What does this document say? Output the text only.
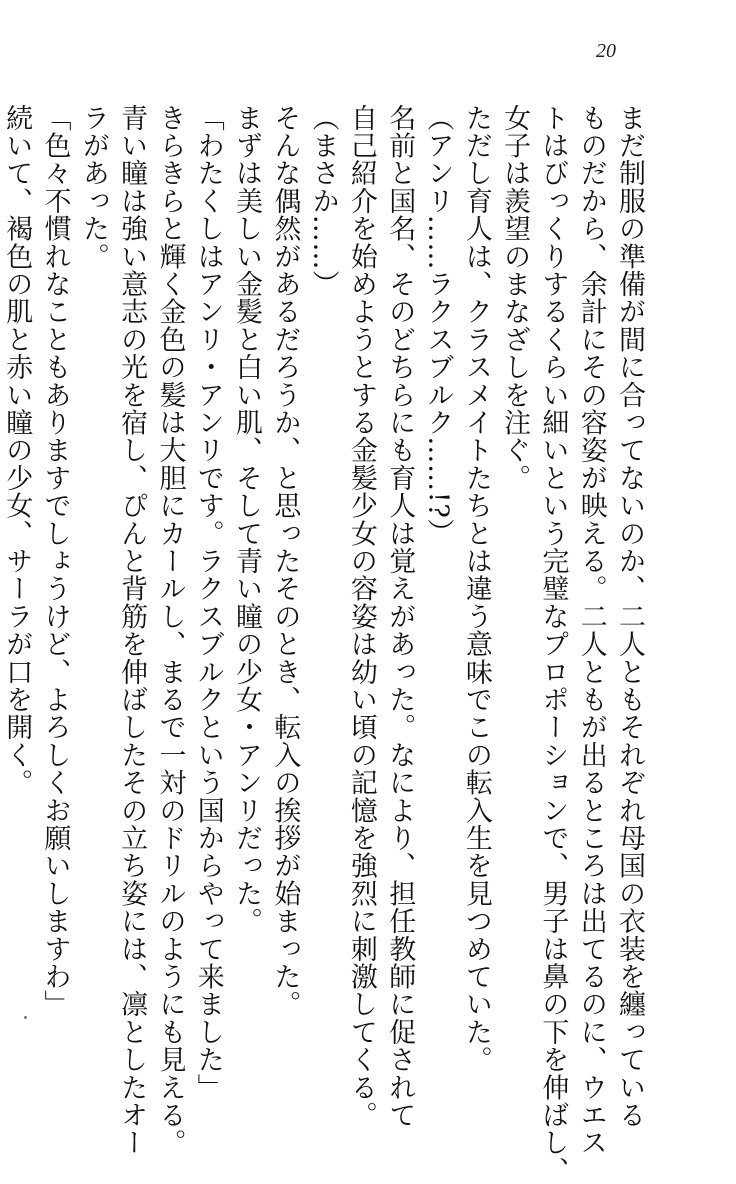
20
まだ制服の準備が間に合ってないのか、二人ともそれぞれ母国の衣装を纏っている
ものだから、余計にその容姿が映える。二人ともが出るところは出てるのに、ウエス
トはびっくりするくらい細いという完璧なプロポーションで、男子は鼻の下を伸ばし、
女子は羨望のまなざしを注ぐ。
ただし育人は、クラスメイトたちとは違う意味でこの転入生を見つめていた。
（アンリ……ラクスブルク……!?）
名前と国名、そのどちらにも育人は覚えがあった。なにより、担任教師に促されて
自己紹介を始めようとする金髪少女の容姿は幼い頃の記憶を強烈に刺激してくる。
（まさか……）
そんな偶然があるだろうか、と思ったそのとき、転入の挨拶が始まった。
まずは美しい金髪と白い肌、そして青い瞳の少女・アンリだった。
「わたくしはアンリ・アンリです。ラクスブルクという国からやって来ました」
きらきらと輝く金色の髪は大胆にカールし、まるで一対のドリルのようにも見える。
青い瞳は強い意志の光を宿し、ぴんと背筋を伸ばしたその立ち姿には、凛としたオー
ラがあった。
「色々不慣れなこともありますでしょうけど、よろしくお願いしますわ」
続いて、褐色の肌と赤い瞳の少女、サーラが口を開く。
